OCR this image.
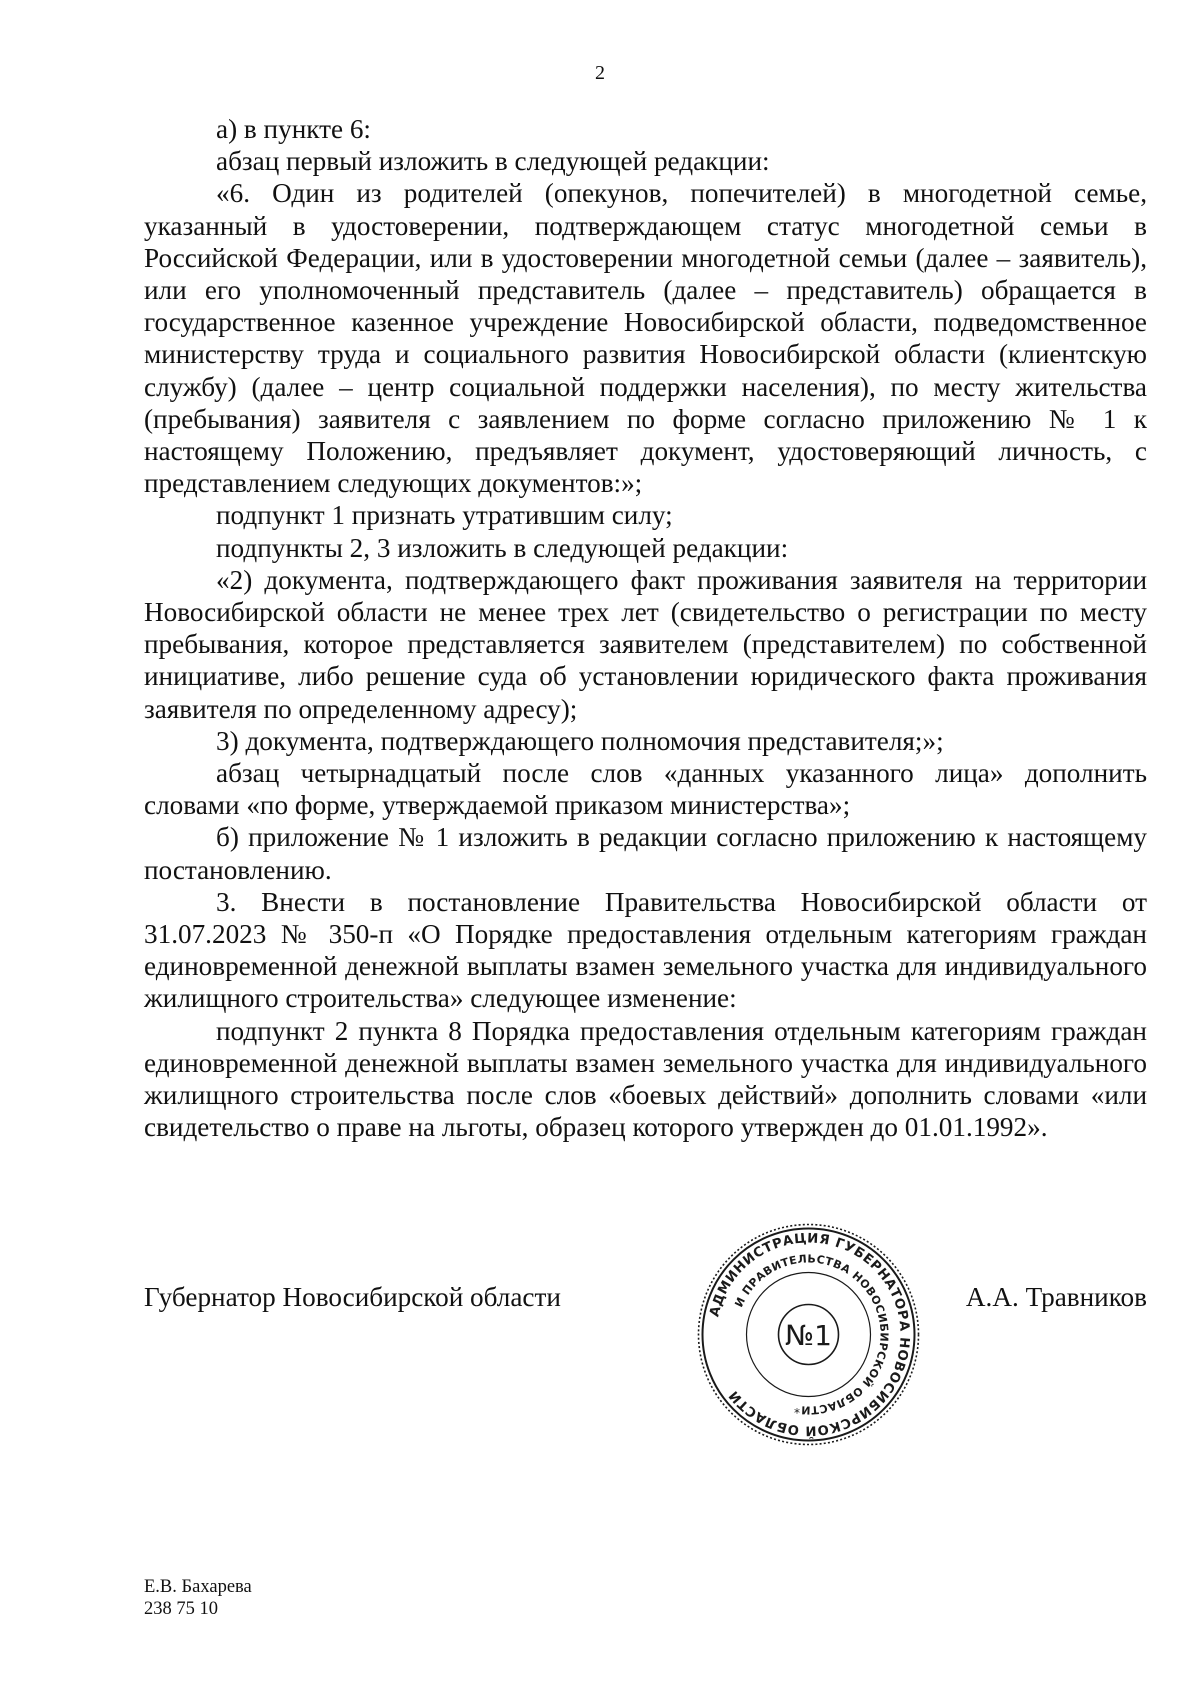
2

а) в пункте 6:

абзац первый изложить в следующей редакции:

«6. Один из родителей (опекунов, попечителей) в многодетной семье, указанный в удостоверении, подтверждающем статус многодетной семьи в Российской Федерации, или в удостоверении многодетной семьи (далее – заявитель), или его уполномоченный представитель (далее – представитель) обращается в государственное казенное учреждение Новосибирской области, подведомственное министерству труда и социального развития Новосибирской области (клиентскую службу) (далее – центр социальной поддержки населения), по месту жительства (пребывания) заявителя с заявлением по форме согласно приложению № 1 к настоящему Положению, предъявляет документ, удостоверяющий личность, с представлением следующих документов:»;

подпункт 1 признать утратившим силу;

подпункты 2, 3 изложить в следующей редакции:

«2) документа, подтверждающего факт проживания заявителя на территории Новосибирской области не менее трех лет (свидетельство о регистрации по месту пребывания, которое представляется заявителем (представителем) по собственной инициативе, либо решение суда об установлении юридического факта проживания заявителя по определенному адресу);

3) документа, подтверждающего полномочия представителя;»;

абзац четырнадцатый после слов «данных указанного лица» дополнить словами «по форме, утверждаемой приказом министерства»;

б) приложение № 1 изложить в редакции согласно приложению к настоящему постановлению.

3. Внести в постановление Правительства Новосибирской области от 31.07.2023 № 350-п «О Порядке предоставления отдельным категориям граждан единовременной денежной выплаты взамен земельного участка для индивидуального жилищного строительства» следующее изменение:

подпункт 2 пункта 8 Порядка предоставления отдельным категориям граждан единовременной денежной выплаты взамен земельного участка для индивидуального жилищного строительства после слов «боевых действий» дополнить словами «или свидетельство о праве на льготы, образец которого утвержден до 01.01.1992».

Губернатор Новосибирской области	АДМИНИСТРАЦИЯ ГУБЕРНАТОРА НОВОСИБИРСКОЙ ОБЛАСТИ
И ПРАВИТЕЛЬСТВА НОВОСИБИРСКОЙ ОБЛАСТИ
№1
*
А.А. Травников
Е.В. Бахарева
238 75 10
